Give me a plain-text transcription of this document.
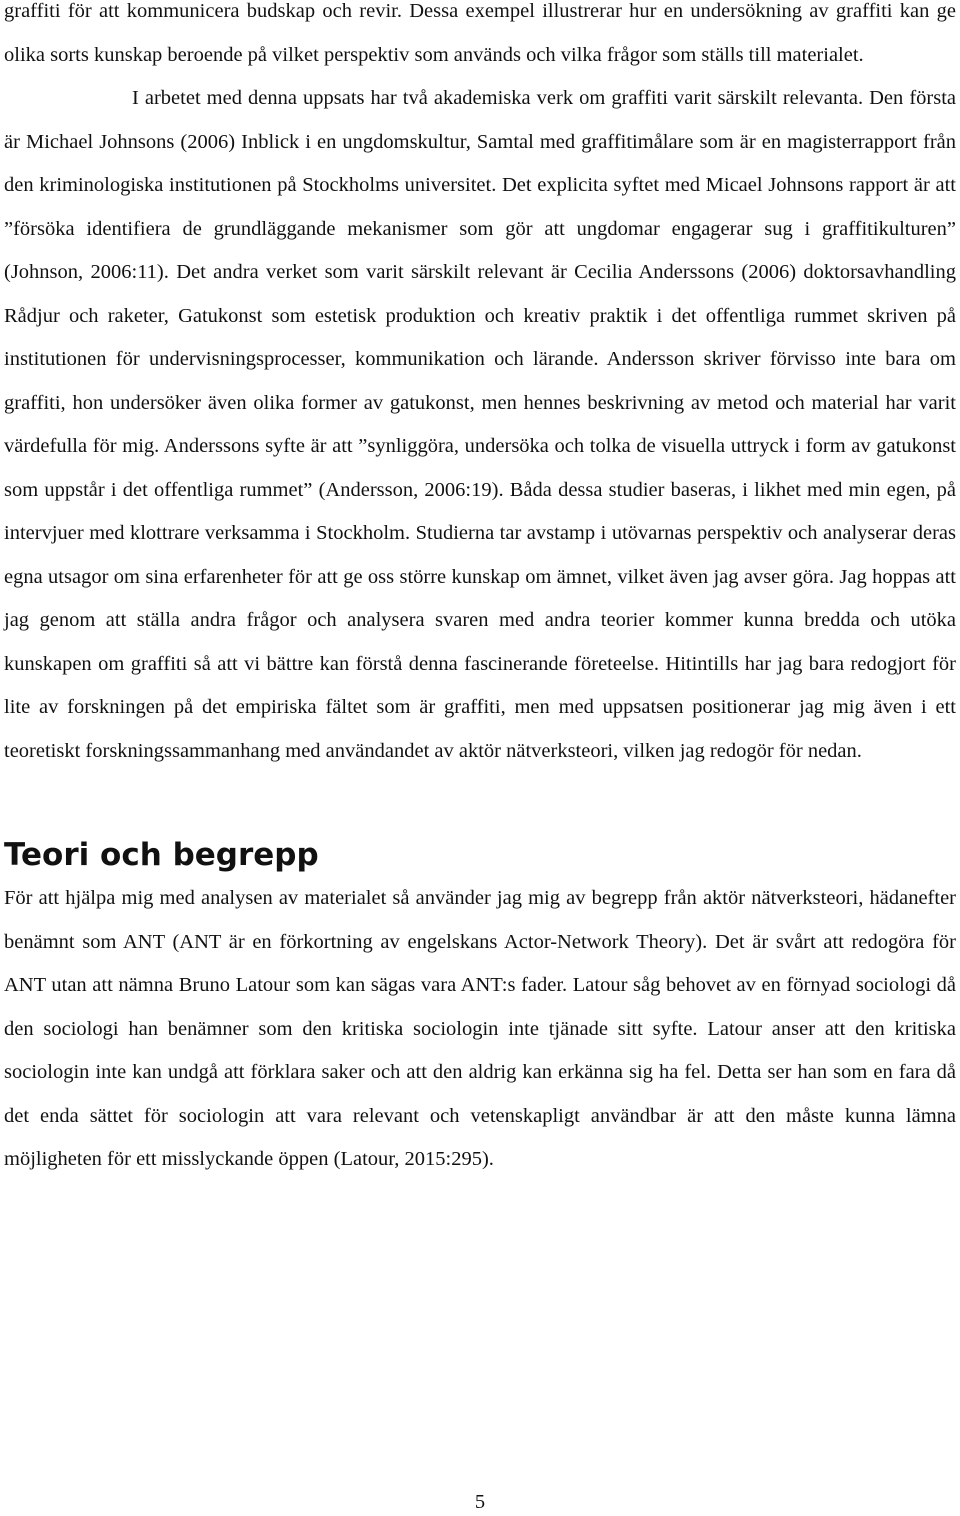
graffiti för att kommunicera budskap och revir. Dessa exempel illustrerar hur en undersökning av graffiti kan ge olika sorts kunskap beroende på vilket perspektiv som används och vilka frågor som ställs till materialet.

I arbetet med denna uppsats har två akademiska verk om graffiti varit särskilt relevanta. Den första är Michael Johnsons (2006) Inblick i en ungdomskultur, Samtal med graffitimålare som är en magisterrapport från den kriminologiska institutionen på Stockholms universitet. Det explicita syftet med Micael Johnsons rapport är att ”försöka identifiera de grundläggande mekanismer som gör att ungdomar engagerar sug i graffitikulturen” (Johnson, 2006:11). Det andra verket som varit särskilt relevant är Cecilia Anderssons (2006) doktorsavhandling Rådjur och raketer, Gatukonst som estetisk produktion och kreativ praktik i det offentliga rummet skriven på institutionen för undervisningsprocesser, kommunikation och lärande. Andersson skriver förvisso inte bara om graffiti, hon undersöker även olika former av gatukonst, men hennes beskrivning av metod och material har varit värdefulla för mig. Anderssons syfte är att ”synliggöra, undersöka och tolka de visuella uttryck i form av gatukonst som uppstår i det offentliga rummet” (Andersson, 2006:19). Båda dessa studier baseras, i likhet med min egen, på intervjuer med klottrare verksamma i Stockholm. Studierna tar avstamp i utövarnas perspektiv och analyserar deras egna utsagor om sina erfarenheter för att ge oss större kunskap om ämnet, vilket även jag avser göra. Jag hoppas att jag genom att ställa andra frågor och analysera svaren med andra teorier kommer kunna bredda och utöka kunskapen om graffiti så att vi bättre kan förstå denna fascinerande företeelse. Hitintills har jag bara redogjort för lite av forskningen på det empiriska fältet som är graffiti, men med uppsatsen positionerar jag mig även i ett teoretiskt forskningssammanhang med användandet av aktör nätverksteori, vilken jag redogör för nedan.

Teori och begrepp

För att hjälpa mig med analysen av materialet så använder jag mig av begrepp från aktör nätverksteori, hädanefter benämnt som ANT (ANT är en förkortning av engelskans Actor-Network Theory). Det är svårt att redogöra för ANT utan att nämna Bruno Latour som kan sägas vara ANT:s fader. Latour såg behovet av en förnyad sociologi då den sociologi han benämner som den kritiska sociologin inte tjänade sitt syfte. Latour anser att den kritiska sociologin inte kan undgå att förklara saker och att den aldrig kan erkänna sig ha fel. Detta ser han som en fara då det enda sättet för sociologin att vara relevant och vetenskapligt användbar är att den måste kunna lämna möjligheten för ett misslyckande öppen (Latour, 2015:295).

5
